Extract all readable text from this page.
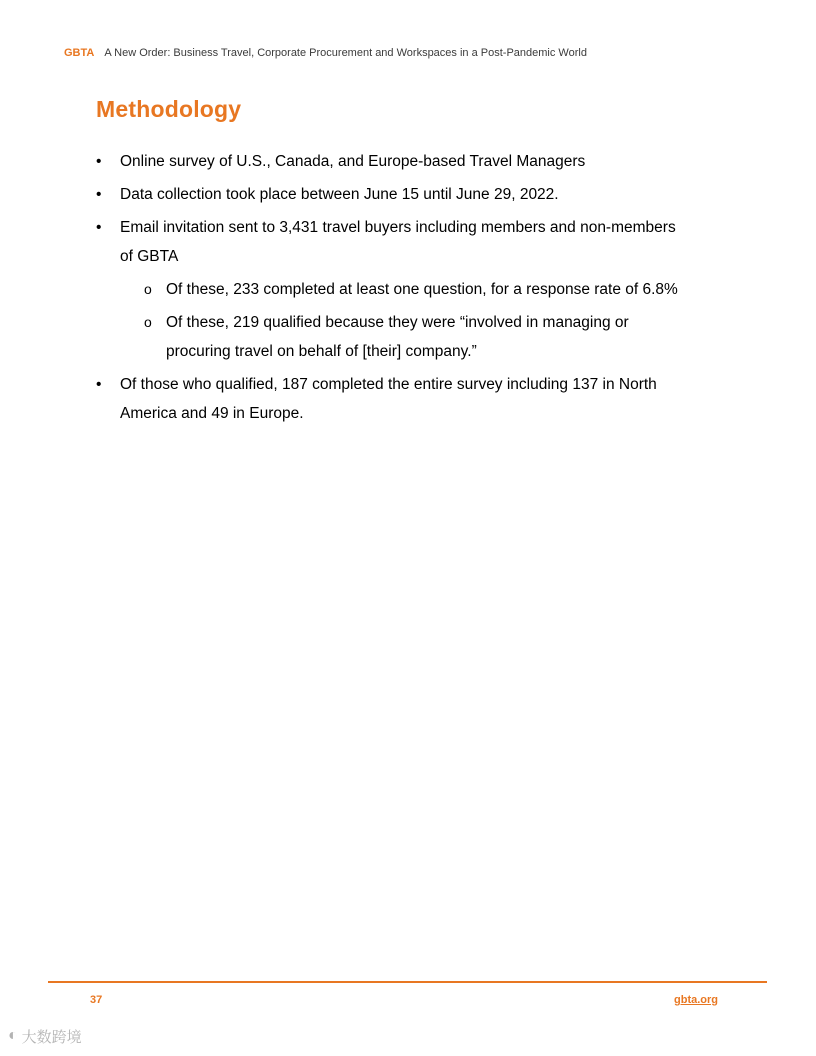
GBTA A New Order: Business Travel, Corporate Procurement and Workspaces in a Post-Pandemic World
Methodology
•
Online survey of U.S., Canada, and Europe-based Travel Managers
•
Data collection took place between June 15 until June 29, 2022.
•
Email invitation sent to 3,431 travel buyers including members and non-members of GBTA
o
Of these, 233 completed at least one question, for a response rate of 6.8%
o
Of these, 219 qualified because they were “involved in managing or procuring travel on behalf of [their] company.”
•
Of those who qualified, 187 completed the entire survey including 137 in North America and 49 in Europe.
37	gbta.org
◐ 大数跨境
